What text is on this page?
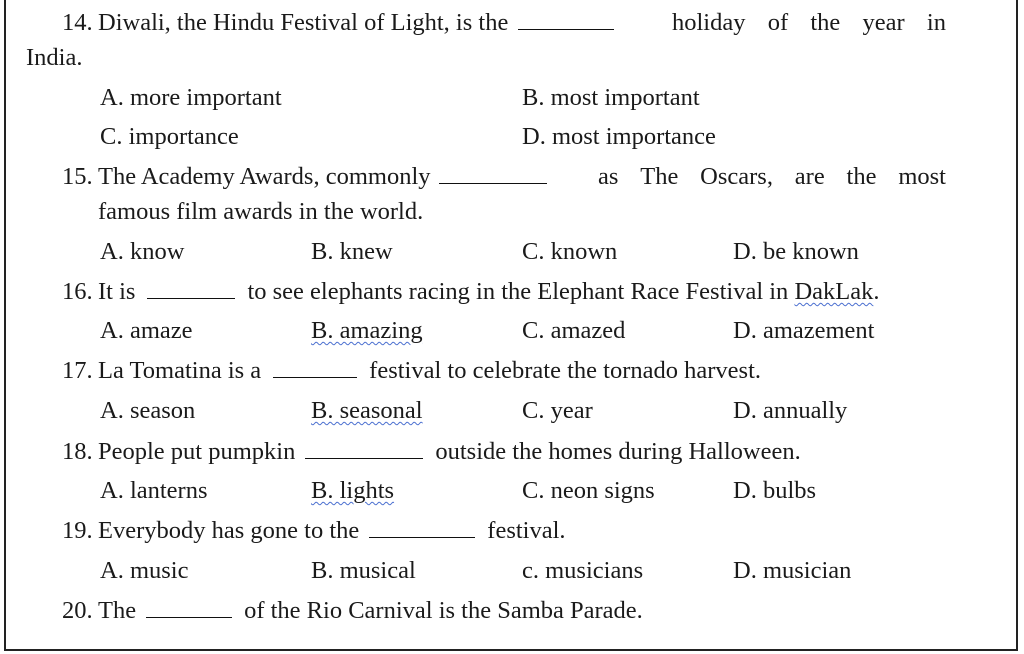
14. Diwali, the Hindu Festival of Light, is the	holiday of the year in
India.
A. more important	B. most important
C. importance	D. most importance
15. The Academy Awards, commonly	as The Oscars, are the most
famous film awards in the world.
A. know	B. knew	C. known	D. be known
16. It is	to see elephants racing in the Elephant Race Festival in DakLak.
A. amaze	B. amazing	C. amazed	D. amazement
17. La Tomatina is a	festival to celebrate the tornado harvest.
A. season	B. seasonal	C. year	D. annually
18. People put pumpkin	outside the homes during Halloween.
A. lanterns	B. lights	C. neon signs	D. bulbs
19. Everybody has gone to the	festival.
A. music	B. musical	c. musicians	D. musician
20. The	of the Rio Carnival is the Samba Parade.
